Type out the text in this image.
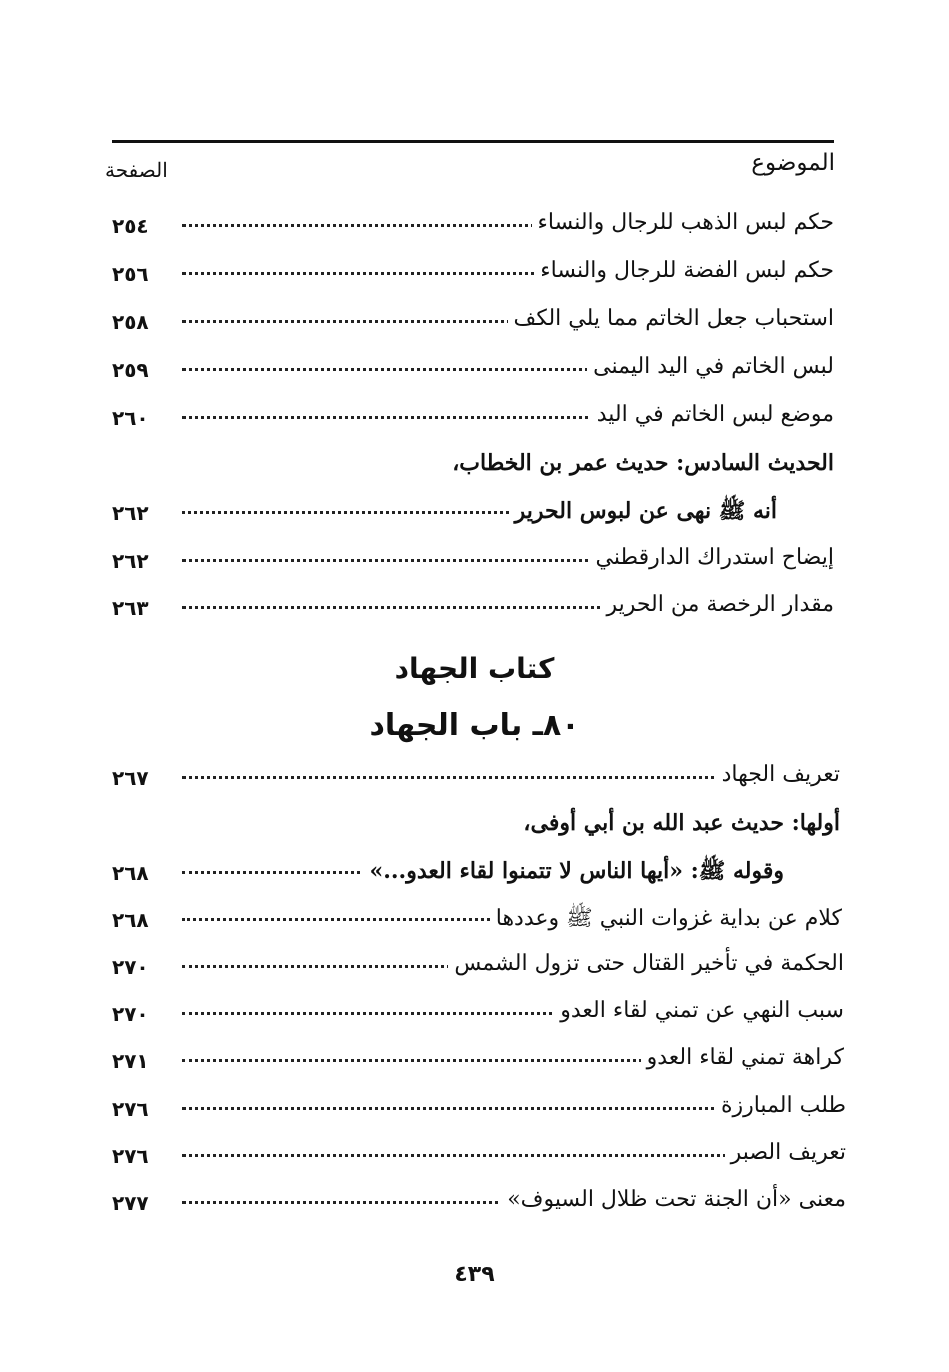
الموضوع
الصفحة
حكم لبس الذهب للرجال والنساء
٢٥٤
حكم لبس الفضة للرجال والنساء
٢٥٦
استحباب جعل الخاتم مما يلي الكف
٢٥٨
لبس الخاتم في اليد اليمنى
٢٥٩
موضع لبس الخاتم في اليد
٢٦٠
الحديث السادس: حديث عمر بن الخطاب،
أنه ﷺ نهى عن لبوس الحرير
٢٦٢
إيضاح استدراك الدارقطني
٢٦٢
مقدار الرخصة من الحرير
٢٦٣
كتاب الجهاد
٨٠ـ باب الجهاد
تعريف الجهاد
٢٦٧
أولها: حديث عبد الله بن أبي أوفى،
وقوله ﷺ: «أيها الناس لا تتمنوا لقاء العدو...»
٢٦٨
كلام عن بداية غزوات النبي ﷺ وعددها
٢٦٨
الحكمة في تأخير القتال حتى تزول الشمس
٢٧٠
سبب النهي عن تمني لقاء العدو
٢٧٠
كراهة تمني لقاء العدو
٢٧١
طلب المبارزة
٢٧٦
تعريف الصبر
٢٧٦
معنى «أن الجنة تحت ظلال السيوف»
٢٧٧
٤٣٩
